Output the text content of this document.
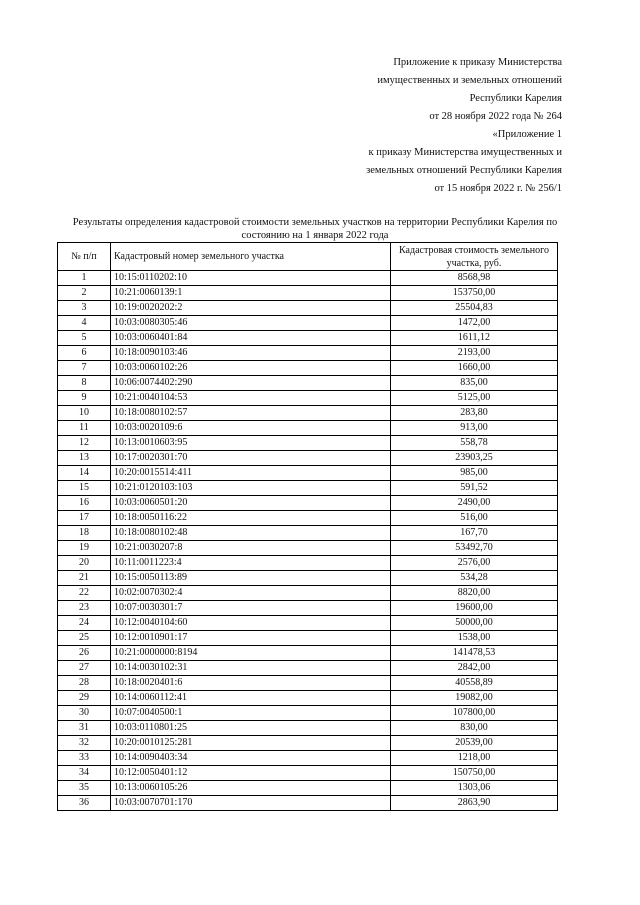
Приложение к приказу Министерства
имущественных и земельных отношений
Республики Карелия
от 28 ноября 2022 года № 264
«Приложение 1
к приказу Министерства имущественных и
земельных отношений Республики Карелия
от 15 ноября 2022 г. № 256/1
Результаты определения кадастровой стоимости земельных участков на территории Республики Карелия по состоянию на 1 января 2022 года
№ п/п	Кадастровый номер земельного участка	Кадастровая стоимость земельного участка, руб.
1	10:15:0110202:10	8568,98
2	10:21:0060139:1	153750,00
3	10:19:0020202:2	25504,83
4	10:03:0080305:46	1472,00
5	10:03:0060401:84	1611,12
6	10:18:0090103:46	2193,00
7	10:03:0060102:26	1660,00
8	10:06:0074402:290	835,00
9	10:21:0040104:53	5125,00
10	10:18:0080102:57	283,80
11	10:03:0020109:6	913,00
12	10:13:0010603:95	558,78
13	10:17:0020301:70	23903,25
14	10:20:0015514:411	985,00
15	10:21:0120103:103	591,52
16	10:03:0060501:20	2490,00
17	10:18:0050116:22	516,00
18	10:18:0080102:48	167,70
19	10:21:0030207:8	53492,70
20	10:11:0011223:4	2576,00
21	10:15:0050113:89	534,28
22	10:02:0070302:4	8820,00
23	10:07:0030301:7	19600,00
24	10:12:0040104:60	50000,00
25	10:12:0010901:17	1538,00
26	10:21:0000000:8194	141478,53
27	10:14:0030102:31	2842,00
28	10:18:0020401:6	40558,89
29	10:14:0060112:41	19082,00
30	10:07:0040500:1	107800,00
31	10:03:0110801:25	830,00
32	10:20:0010125:281	20539,00
33	10:14:0090403:34	1218,00
34	10:12:0050401:12	150750,00
35	10:13:0060105:26	1303,06
36	10:03:0070701:170	2863,90
